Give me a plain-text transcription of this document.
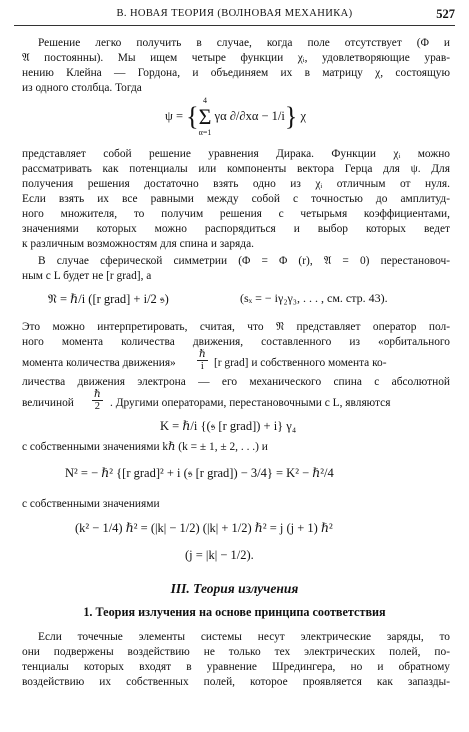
В. НОВАЯ ТЕОРИЯ (ВОЛНОВАЯ МЕХАНИКА)	527
Решение легко получить в случае, когда поле отсутствует (Φ и
𝔄 постоянны). Мы ищем четыре функции χᵢ, удовлетворяющие урав-
нению Клейна — Гордона, и объединяем их в матрицу χ, состоящую
из одного столбца. Тогда
ψ = {
4
Σ
α=1
γα ∂/∂xα − 1/i} χ
представляет собой решение уравнения Дирака. Функции χᵢ можно
рассматривать как потенциалы или компоненты вектора Герца для ψ. Для
получения решения достаточно взять одно из χᵢ отличным от нуля.
Если взять их все равными между собой с точностью до амплитуд-
ного множителя, то получим решения с четырьмя коэффициентами,
значениями которых можно распорядиться и выбор которых ведет
к различным возможностям для спина и заряда.
В случае сферической симметрии (Φ = Φ (r), 𝔄 = 0) перестановоч-
ным с L будет не [r grad], а
𝔑 = ℏ/i ([r grad] + i/2 𝔰)	(sₓ = − iγ₂γ₃, . . . , см. стр. 43).
Это можно интерпретировать, считая, что 𝔑 представляет оператор пол-
ного момента количества движения, составленного из «орбитального
момента количества движения»	$\frac{\text{ℏ}}{i} [r$ grad] и собственного момента ко-
личества движения электрона — его механического спина с абсолютной
величиной	$\frac{\text{ℏ}}{2}$ . Другими операторами, перестановочными с L, являются
K = ℏ/i {(𝔰 [r grad]) + i} γ₄
с собственными значениями kℏ (k = ± 1, ± 2, . . .) и
N² = − ℏ² {[r grad]² + i (𝔰 [r grad]) − 3/4} = K² − ℏ²/4
с собственными значениями
(k² − 1/4) ℏ² = (|k| − 1/2) (|k| + 1/2) ℏ² = j (j + 1) ℏ²
(j = |k| − 1/2).
III. Теория излучения
1. Теория излучения на основе принципа соответствия
Если точечные элементы системы несут электрические заряды, то
они подвержены воздействию не только тех электрических полей, по-
тенциалы которых входят в уравнение Шредингера, но и обратному
воздействию их собственных полей, которое проявляется как запазды-
